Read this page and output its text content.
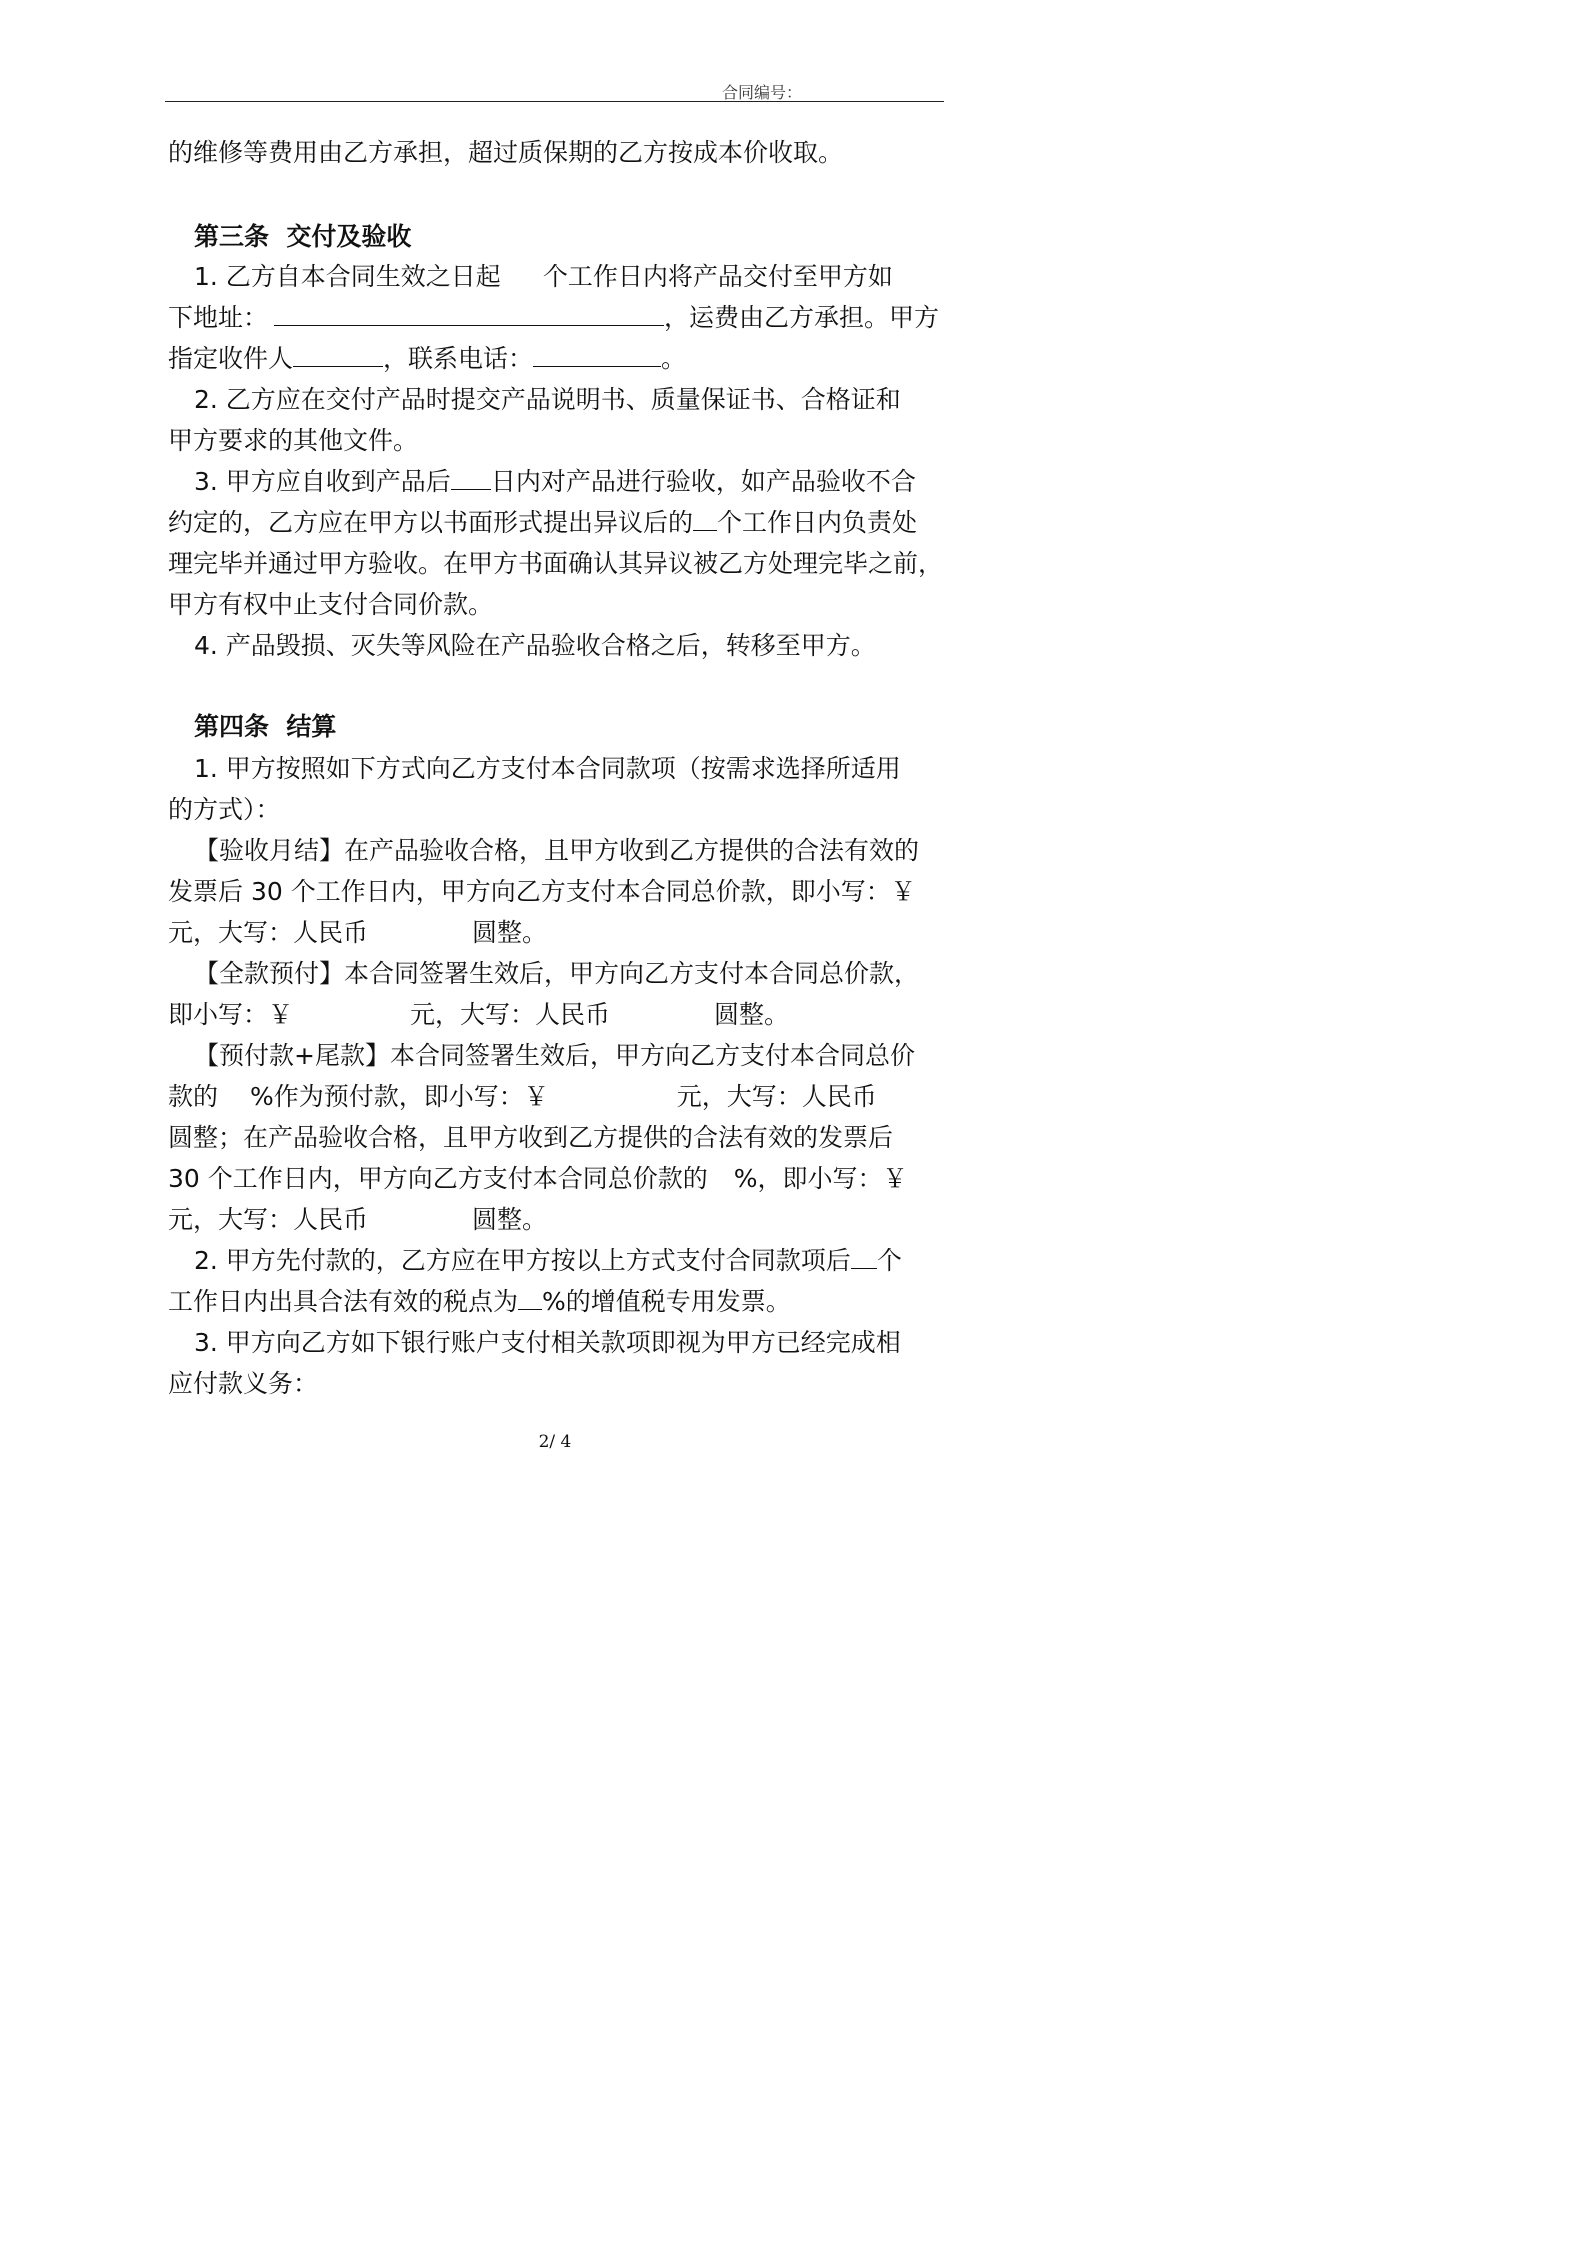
合同编号：
的维修等费用由乙方承担，超过质保期的乙方按成本价收取。
第三条  交付及验收
1. 乙方自本合同生效之日起 个工作日内将产品交付至甲方如
下地址：	，运费由乙方承担。甲方
指定收件人	，联系电话：	。
2. 乙方应在交付产品时提交产品说明书、质量保证书、合格证和
甲方要求的其他文件。
3. 甲方应自收到产品后 日内对产品进行验收，如产品验收不合
约定的，乙方应在甲方以书面形式提出异议后的 个工作日内负责处
理完毕并通过甲方验收。在甲方书面确认其异议被乙方处理完毕之前，
甲方有权中止支付合同价款。
4. 产品毁损、灭失等风险在产品验收合格之后，转移至甲方。
第四条  结算
1. 甲方按照如下方式向乙方支付本合同款项（按需求选择所适用
的方式）：
【验收月结】在产品验收合格，且甲方收到乙方提供的合法有效的
发票后 30 个工作日内，甲方向乙方支付本合同总价款，即小写：￥
元，大写：人民币	圆整。
【全款预付】本合同签署生效后，甲方向乙方支付本合同总价款，
即小写：￥	元，大写：人民币	圆整。
【预付款+尾款】本合同签署生效后，甲方向乙方支付本合同总价
款的 %作为预付款，即小写：￥	元，大写：人民币
圆整；在产品验收合格，且甲方收到乙方提供的合法有效的发票后
30 个工作日内，甲方向乙方支付本合同总价款的 %，即小写：￥
元，大写：人民币	圆整。
2. 甲方先付款的，乙方应在甲方按以上方式支付合同款项后 个
工作日内出具合法有效的税点为 %的增值税专用发票。
3. 甲方向乙方如下银行账户支付相关款项即视为甲方已经完成相
应付款义务：
2/ 4
